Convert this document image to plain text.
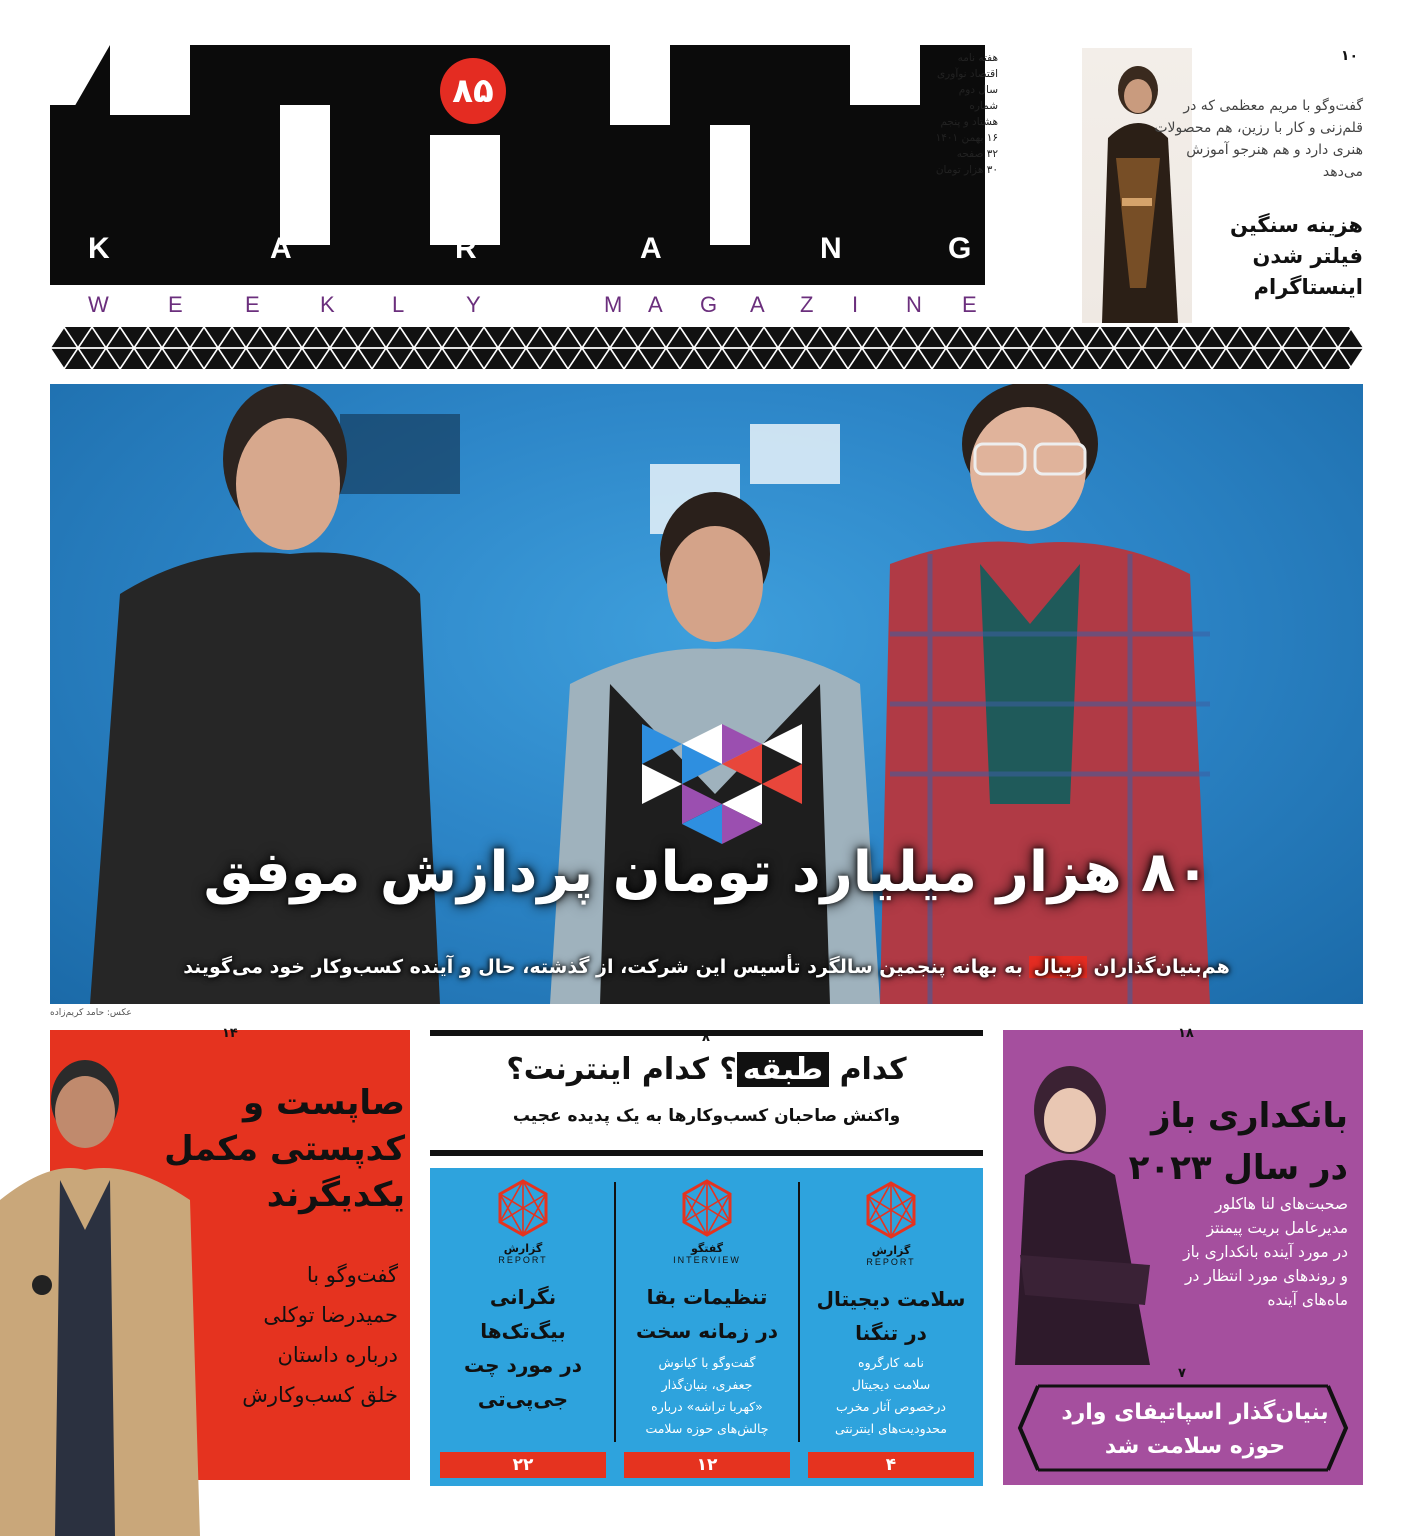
۸۵
K	A	R	A	N	G
W	E	E	K	L	Y	M A G A Z I N E
هفته نامه
اقتصاد نوآوری
سال دوم
شماره
هشتاد و پنجم
۱۶ بهمن ۱۴۰۱
۳۲ صفحه
۳۰ هزار تومان
۱۰
گفت‌وگو با مریم معظمی که در قلم‌زنی و کار با رزین، هم محصولات هنری دارد و هم هنرجو آموزش می‌دهد
هزینه سنگین
فیلتر شدن
اینستاگرام
۸۰ هزار میلیارد تومان پردازش موفق
هم‌بنیان‌گذاران زیبال به بهانه پنجمین سالگرد تأسیس این شرکت، از گذشته، حال و آینده کسب‌وکار خود می‌گویند
عکس: حامد کریم‌زاده
۱۴
صاپست و
کدپستی مکمل
یکدیگرند
گفت‌وگو با
حمیدرضا توکلی
درباره داستان
خلق کسب‌وکارش
۸
کدام طبقه؟ کدام اینترنت؟
واکنش صاحبان کسب‌وکارها به یک پدیده عجیب
گزارش
REPORT
سلامت دیجیتال
در تنگنا
نامه کارگروه
سلامت دیجیتال
درخصوص آثار مخرب
محدودیت‌های اینترنتی
۴
گفتگو
INTERVIEW
تنظیمات بقا
در زمانه سخت
گفت‌وگو با کیانوش
جعفری، بنیان‌گذار
«کهربا تراشه» درباره
چالش‌های حوزه سلامت
۱۲
گزارش
REPORT
نگرانی
بیگ‌تک‌ها
در مورد چت
جی‌پی‌تی
۲۲
۱۸
بانکداری باز
در سال ۲۰۲۳
صحبت‌های لنا هاکلور
مدیرعامل بریت پیمنتز
در مورد آینده بانکداری باز
و روندهای مورد انتظار در
ماه‌های آینده
۷
بنیان‌گذار اسپاتیفای وارد
حوزه سلامت شد
